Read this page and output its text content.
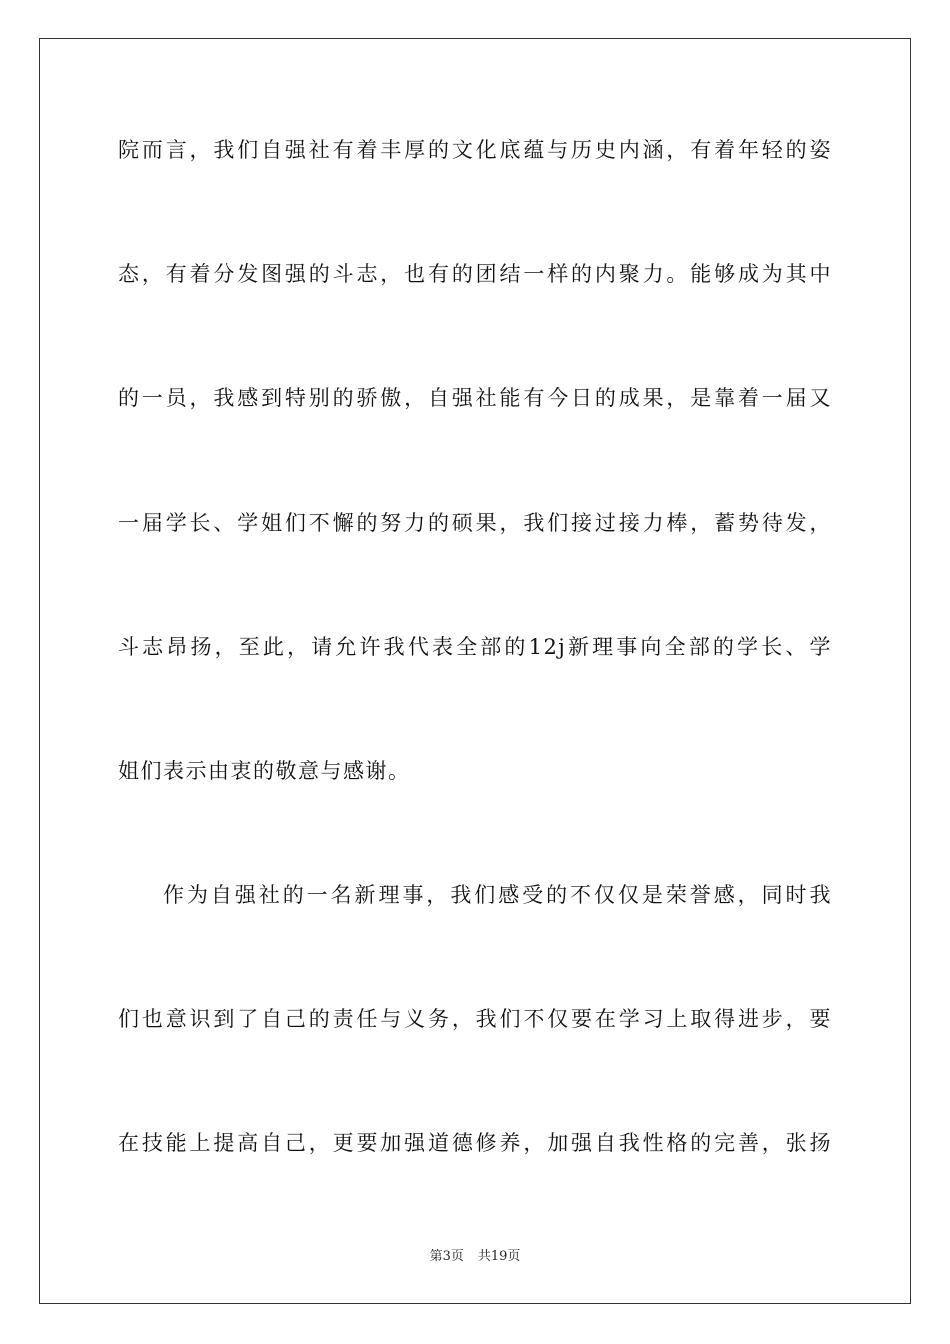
院而言，我们自强社有着丰厚的文化底蕴与历史内涵，有着年轻的姿
态，有着分发图强的斗志，也有的团结一样的内聚力。能够成为其中
的一员，我感到特别的骄傲，自强社能有今日的成果，是靠着一届又
一届学长、学姐们不懈的努力的硕果，我们接过接力棒，蓄势待发，
斗志昂扬，至此，请允许我代表全部的12j新理事向全部的学长、学
姐们表示由衷的敬意与感谢。
作为自强社的一名新理事，我们感受的不仅仅是荣誉感，同时我
们也意识到了自己的责任与义务，我们不仅要在学习上取得进步，要
在技能上提高自己，更要加强道德修养，加强自我性格的完善，张扬
第3页 共19页
